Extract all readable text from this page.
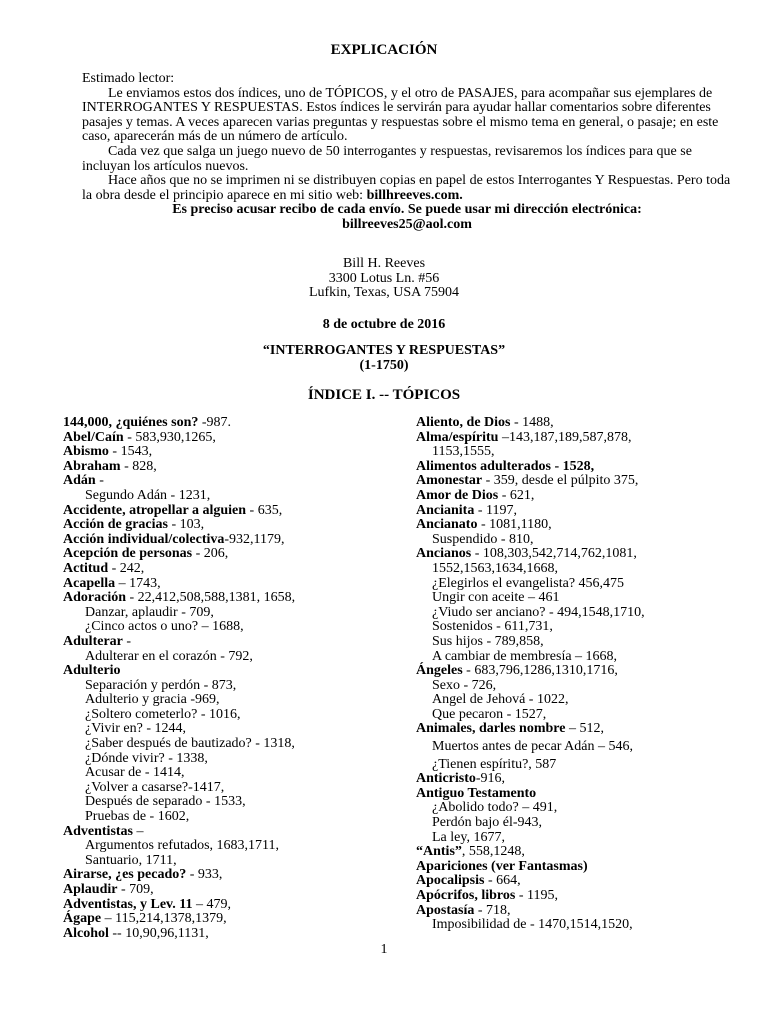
EXPLICACIÓN

Estimado lector:

Le enviamos estos dos índices, uno de TÓPICOS, y el otro de PASAJES, para acompañar sus ejemplares de INTERROGANTES Y RESPUESTAS. Estos índices le servirán para ayudar hallar comentarios sobre diferentes pasajes y temas. A veces aparecen varias preguntas y respuestas sobre el mismo tema en general, o pasaje; en este caso, aparecerán más de un número de artículo.

Cada vez que salga un juego nuevo de 50 interrogantes y respuestas, revisaremos los índices para que se incluyan los artículos nuevos.

Hace años que no se imprimen ni se distribuyen copias en papel de estos Interrogantes Y Respuestas. Pero toda la obra desde el principio aparece en mi sitio web: billhreeves.com.

Es preciso acusar recibo de cada envío. Se puede usar mi dirección electrónica:

billreeves25@aol.com

Bill H. Reeves
3300 Lotus Ln. #56
Lufkin, Texas, USA 75904
8 de octubre de 2016
“INTERROGANTES Y RESPUESTAS”
(1-1750)
ÍNDICE I. -- TÓPICOS
144,000, ¿quiénes son? -987.
Abel/Caín - 583,930,1265,
Abismo - 1543,
Abraham - 828,
Adán -
Segundo Adán - 1231,
Accidente, atropellar a alguien - 635,
Acción de gracias - 103,
Acción individual/colectiva-932,1179,
Acepción de personas - 206,
Actitud - 242,
Acapella – 1743,
Adoración - 22,412,508,588,1381, 1658,
Danzar, aplaudir - 709,
¿Cinco actos o uno? – 1688,
Adulterar -
Adulterar en el corazón - 792,
Adulterio
Separación y perdón - 873,
Adulterio y gracia -969,
¿Soltero cometerlo? - 1016,
¿Vivir en? - 1244,
¿Saber después de bautizado? - 1318,
¿Dónde vivir? - 1338,
Acusar de - 1414,
¿Volver a casarse?-1417,
Después de separado - 1533,
Pruebas de - 1602,
Adventistas –
Argumentos refutados, 1683,1711,
Santuario, 1711,
Airarse, ¿es pecado? - 933,
Aplaudir - 709,
Adventistas, y Lev. 11 – 479,
Ágape – 115,214,1378,1379,
Alcohol -- 10,90,96,1131,
Aliento, de Dios - 1488,
Alma/espíritu –143,187,189,587,878,
1153,1555,
Alimentos adulterados - 1528,
Amonestar - 359, desde el púlpito 375,
Amor de Dios - 621,
Ancianita - 1197,
Ancianato - 1081,1180,
Suspendido - 810,
Ancianos - 108,303,542,714,762,1081,
1552,1563,1634,1668,
¿Elegirlos el evangelista? 456,475
Ungir con aceite – 461
¿Viudo ser anciano? - 494,1548,1710,
Sostenidos - 611,731,
Sus hijos - 789,858,
A cambiar de membresía – 1668,
Ángeles - 683,796,1286,1310,1716,
Sexo - 726,
Angel de Jehová - 1022,
Que pecaron - 1527,
Animales, darles nombre – 512,
Muertos antes de pecar Adán – 546,
¿Tienen espíritu?, 587
Anticristo-916,
Antiguo Testamento
¿Abolido todo? – 491,
Perdón bajo él-943,
La ley, 1677,
“Antis”, 558,1248,
Apariciones (ver Fantasmas)
Apocalipsis - 664,
Apócrifos, libros - 1195,
Apostasía - 718,
Imposibilidad de - 1470,1514,1520,
1
